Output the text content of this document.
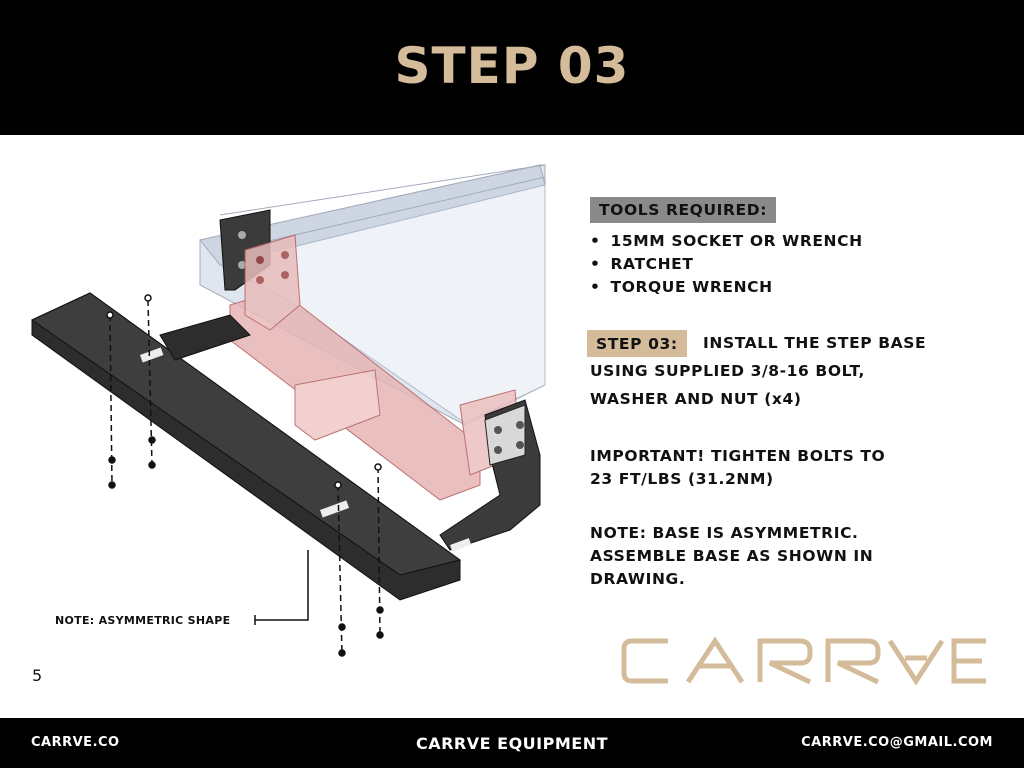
STEP 03
NOTE: ASYMMETRIC SHAPE
TOOLS REQUIRED:
• 15MM SOCKET OR WRENCH
• RATCHET
• TORQUE WRENCH
STEP 03:	INSTALL THE STEP BASE
USING SUPPLIED 3/8-16 BOLT,
WASHER AND NUT (x4)
IMPORTANT! TIGHTEN BOLTS TO
23 FT/LBS (31.2NM)
NOTE: BASE IS ASYMMETRIC.
ASSEMBLE BASE AS SHOWN IN
DRAWING.
5
CARRVE.CO	CARRVE EQUIPMENT	CARRVE.CO@GMAIL.COM
